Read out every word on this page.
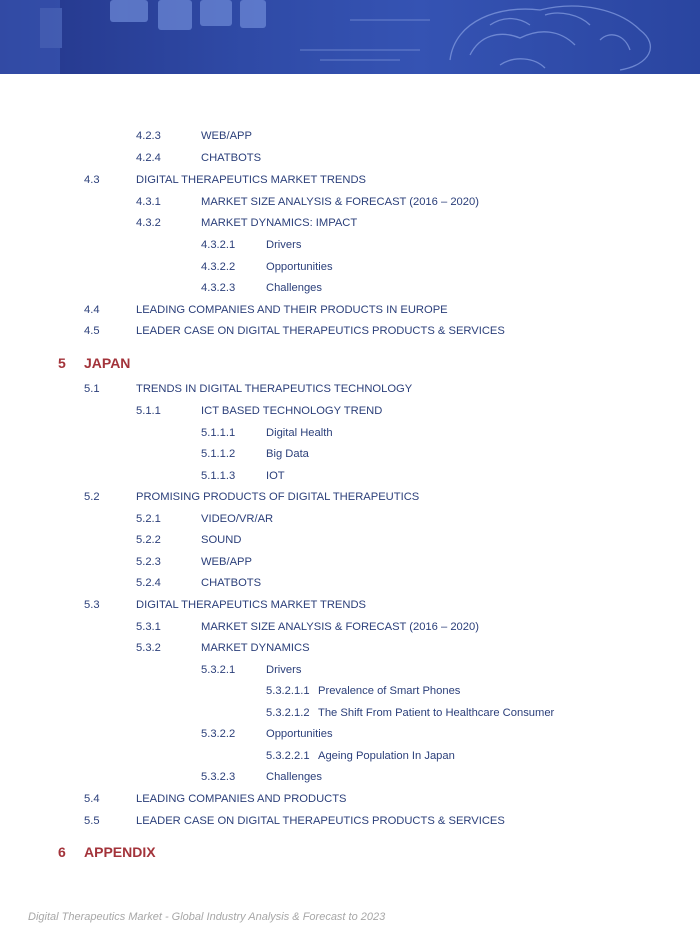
4.2.3	WEB/APP
4.2.4	CHATBOTS
4.3	DIGITAL THERAPEUTICS MARKET TRENDS
4.3.1	MARKET SIZE ANALYSIS & FORECAST (2016 – 2020)
4.3.2	MARKET DYNAMICS: IMPACT
4.3.2.1	Drivers
4.3.2.2	Opportunities
4.3.2.3	Challenges
4.4	LEADING COMPANIES AND THEIR PRODUCTS IN EUROPE
4.5	LEADER CASE ON DIGITAL THERAPEUTICS PRODUCTS & SERVICES
5 JAPAN
5.1	TRENDS IN DIGITAL THERAPEUTICS TECHNOLOGY
5.1.1	ICT BASED TECHNOLOGY TREND
5.1.1.1	Digital Health
5.1.1.2	Big Data
5.1.1.3	IOT
5.2	PROMISING PRODUCTS OF DIGITAL THERAPEUTICS
5.2.1	VIDEO/VR/AR
5.2.2	SOUND
5.2.3	WEB/APP
5.2.4	CHATBOTS
5.3	DIGITAL THERAPEUTICS MARKET TRENDS
5.3.1	MARKET SIZE ANALYSIS & FORECAST (2016 – 2020)
5.3.2	MARKET DYNAMICS
5.3.2.1	Drivers
5.3.2.1.1 Prevalence of Smart Phones
5.3.2.1.2 The Shift From Patient to Healthcare Consumer
5.3.2.2	Opportunities
5.3.2.2.1 Ageing Population In Japan
5.3.2.3	Challenges
5.4	LEADING COMPANIES AND PRODUCTS
5.5	LEADER CASE ON DIGITAL THERAPEUTICS PRODUCTS & SERVICES
6 APPENDIX
Digital Therapeutics Market - Global Industry Analysis & Forecast to 2023
